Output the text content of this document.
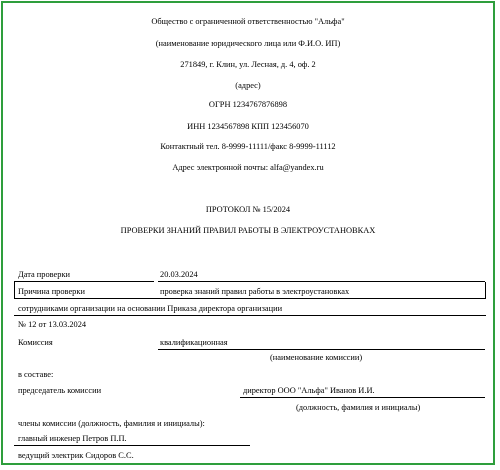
Общество с ограниченной ответственностью "Альфа"
(наименование юридического лица или Ф.И.О. ИП)
271849, г. Клин, ул. Лесная, д. 4, оф. 2
(адрес)
ОГРН 1234767876898
ИНН 1234567898 КПП 123456070
Контактный тел. 8-9999-11111/факс 8-9999-11112
Адрес электронной почты: alfa@yandex.ru
ПРОТОКОЛ № 15/2024
ПРОВЕРКИ ЗНАНИЙ ПРАВИЛ РАБОТЫ В ЭЛЕКТРОУСТАНОВКАХ
Дата проверки	20.03.2024
Причина проверки	проверка знаний правил работы в электроустановках
сотрудниками организации на основании Приказа директора организации
№ 12 от 13.03.2024
Комиссия	квалификационная
(наименование комиссии)
в составе:
председатель комиссии	директор ООО "Альфа" Иванов И.И.
(должность, фамилия и инициалы)
члены комиссии (должность, фамилия и инициалы):
главный инженер Петров П.П.
ведущий электрик Сидоров С.С.
